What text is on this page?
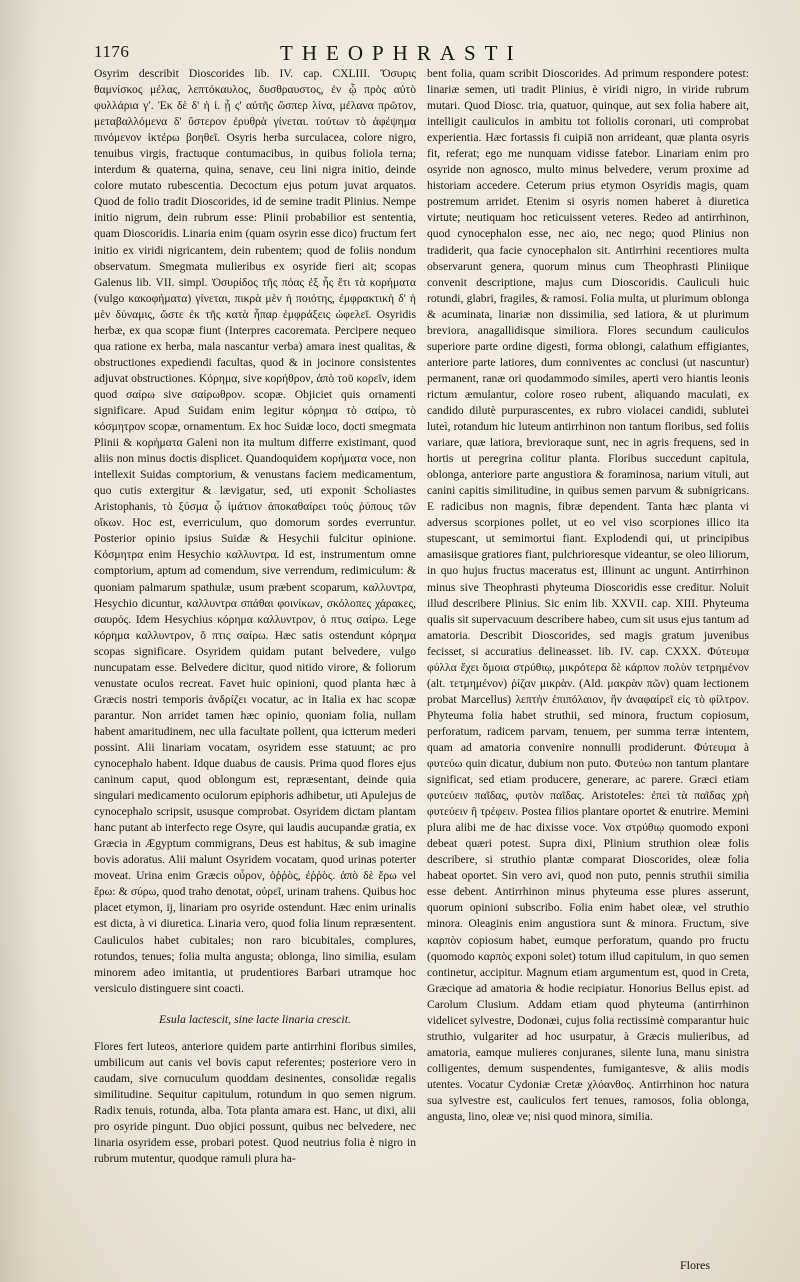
1176	THEOPHRASTI

Osyrim describit Dioscorides lib. IV. cap. CXLIII. Ὄσυρις θαμνίσκος μέλας, λεπτόκαυλος, δυσθραυστος, ἐν ᾧ πρὸς αὐτὸ φυλλάρια γʹ. Ἐκ δὲ δ' ἡ ἰ. ᾗ ς' αὐτῆς ὥσπερ λίνα, μέλανα πρῶτον, μεταβαλλόμενα δ' ὕστερον ἐρυθρὰ γίνεται. τούτων τὸ ἀφέψημα πινόμενον ἰκτέρω βοηθεῖ. Osyris herba surculacea, colore nigro, tenuibus virgis, fractuque contumacibus, in quibus foliola terna; interdum & quaterna, quina, senave, ceu lini nigra initio, deinde colore mutato rubescentia. Decoctum ejus potum juvat arquatos. Quod de folio tradit Dioscorides, id de semine tradit Plinius. Nempe initio nigrum, dein rubrum esse: Plinii probabilior est sententia, quam Dioscoridis. Linaria enim (quam osyrin esse dico) fructum fert initio ex viridi nigricantem, dein rubentem; quod de foliis nondum observatum. Smegmata mulieribus ex osyride fieri ait; scopas Galenus lib. VII. simpl. Ὀσυρίδος τῆς πόας ἐξ ἧς ἔτι τὰ κορήματα (vulgo κακοφήματα) γίνεται, πικρὰ μὲν ἡ ποιότης, ἐμφρακτικὴ δ' ἡ μὲν δύναμις, ὥστε ἐκ τῆς κατὰ ἧπαρ ἐμφράξεις ὠφελεῖ. Osyridis herbæ, ex qua scopæ fiunt (Interpres cacoremata. Percipere nequeo qua ratione ex herba, mala nascantur verba) amara inest qualitas, & obstructiones expediendi facultas, quod & in jocinore consistentes adjuvat obstructiones. Κόρημα, sive κορήθρον, ἀπὸ τοῦ κορεῖν, idem quod σαίρω sive σαίρωθρον. scopæ. Objiciet quis ornamenti significare. Apud Suidam enim legitur κόρημα τὸ σαίρω, τὸ κόσμητρον scopæ, ornamentum. Ex hoc Suidæ loco, docti smegmata Plinii & κορήματα Galeni non ita multum differre existimant, quod aliis non minus doctis displicet. Quandoquidem κορήματα voce, non intellexit Suidas comptorium, & venustans faciem medicamentum, quo cutis extergitur & lævigatur, sed, uti exponit Scholiastes Aristophanis, τὸ ξύσμα ᾧ ἱμάτιον ἀποκαθαίρει τοὺς ῥύπους τῶν οἴκων. Hoc est, everriculum, quo domorum sordes everruntur. Posterior opinio ipsius Suidæ & Hesychii fulcitur opinione. Κόσμητρα enim Hesychio καλλυντρα. Id est, instrumentum omne comptorium, aptum ad comendum, sive verrendum, redimiculum: & quoniam palmarum spathulæ, usum præbent scoparum, καλλυντρα, Hesychio dicuntur, καλλυντρα σπάθαι φοινίκων, σκόλοπες χάρακες, σαυρός. Idem Hesychius κόρημα καλλυντρον, ὁ πτυς σαίρω. Lege κόρημα καλλυντρον, ὅ πτις σαίρω. Hæc satis ostendunt κόρημα scopas significare. Osyridem quidam putant belvedere, vulgo nuncupatam esse. Belvedere dicitur, quod nitido virore, & foliorum venustate oculos recreat. Favet huic opinioni, quod planta hæc à Græcis nostri temporis ἀνδρίζει vocatur, ac in Italia ex hac scopæ parantur. Non arridet tamen hæc opinio, quoniam folia, nullam habent amaritudinem, nec ulla facultate pollent, qua ictterum mederi possint. Alii linariam vocatam, osyridem esse statuunt; ac pro cynocephalo habent. Idque duabus de causis. Prima quod flores ejus caninum caput, quod oblongum est, repræsentant, deinde quia singulari medicamento oculorum epiphoris adhibetur, uti Apulejus de cynocephalo scripsit, ususque comprobat. Osyridem dictam plantam hanc putant ab interfecto rege Osyre, qui laudis aucupandæ gratia, ex Græcia in Ægyptum commigrans, Deus est habitus, & sub imagine bovis adoratus. Alii malunt Osyridem vocatam, quod urinas poterter moveat. Urina enim Græcis οὖρον, ὀῤῥὸς, ἐῤῥὸς. ἀπὸ δὲ ἔρω vel ἔρω: & σύρω, quod traho denotat, οὐρεῖ, urinam trahens. Quibus hoc placet etymon, ij, linariam pro osyride ostendunt. Hæc enim urinalis est dicta, à vi diuretica. Linaria vero, quod folia linum repræsentent. Cauliculos habet cubitales; non raro bicubitales, complures, rotundos, tenues; folia multa angusta; oblonga, lino similia, esulam minorem adeo imitantia, ut prudentiores Barbari utramque hoc versiculo distinguere sint coacti.

Esula lactescit, sine lacte linaria crescit.

Flores fert luteos, anteriore quidem parte antirrhini floribus similes, umbilicum aut canis vel bovis caput referentes; posteriore vero in caudam, sive cornuculum quoddam desinentes, consolidæ regalis similitudine. Sequitur capitulum, rotundum in quo semen nigrum. Radix tenuis, rotunda, alba. Tota planta amara est. Hanc, ut dixi, alii pro osyride pingunt. Duo objici possunt, quibus nec belvedere, nec linaria osyridem esse, probari potest. Quod neutrius folia è nigro in rubrum mutentur, quodque ramuli plura ha-

bent folia, quam scribit Dioscorides. Ad primum respondere potest: linariæ semen, uti tradit Plinius, è viridi nigro, in viride rubrum mutari. Quod Diosc. tria, quatuor, quinque, aut sex folia habere ait, intelligit cauliculos in ambitu tot foliolis coronari, uti comprobat experientia. Hæc fortassis fi cuipiā non arrideant, quæ planta osyris fit, referat; ego me nunquam vidisse fatebor. Linariam enim pro osyride non agnosco, multo minus belvedere, verum proxime ad historiam accedere. Ceterum prius etymon Osyridis magis, quam postremum arridet. Etenim si osyris nomen haberet à diuretica virtute; neutiquam hoc reticuissent veteres. Redeo ad antirrhinon, quod cynocephalon esse, nec aio, nec nego; quod Plinius non tradiderit, qua facie cynocephalon sit. Antirrhini recentiores multa observarunt genera, quorum minus cum Theophrasti Pliniique convenit descriptione, majus cum Dioscoridis. Cauliculi huic rotundi, glabri, fragiles, & ramosi. Folia multa, ut plurimum oblonga & acuminata, linariæ non dissimilia, sed latiora, & ut plurimum breviora, anagallidisque similiora. Flores secundum cauliculos superiore parte ordine digesti, forma oblongi, calathum effigiantes, anteriore parte latiores, dum conniventes ac conclusi (ut nascuntur) permanent, ranæ ori quodammodo similes, aperti vero hiantis leonis rictum æmulantur, colore roseo rubent, aliquando maculati, ex candido dilutè purpurascentes, ex rubro violacei candidi, subluteì luteì, rotandum hic luteum antirrhinon non tantum floribus, sed foliis variare, quæ latiora, brevioraque sunt, nec in agris frequens, sed in hortis ut peregrina colitur planta. Floribus succedunt capitula, oblonga, anteriore parte angustiora & foraminosa, narium vituli, aut canini capitis similitudine, in quibus semen parvum & subnigricans. E radicibus non magnis, fibræ dependent. Tanta hæc planta vi adversus scorpiones pollet, ut eo vel viso scorpiones illico ita stupescant, ut semimortui fiant. Explodendi qui, ut principibus amasiisque gratiores fiant, pulchrioresque videantur, se oleo liliorum, in quo hujus fructus maceratus est, illinunt ac ungunt. Antirrhinon minus sive Theophrasti phyteuma Dioscoridis esse creditur. Noluit illud describere Plinius. Sic enim lib. XXVII. cap. XIII. Phyteuma qualis sit supervacuum describere habeo, cum sit usus ejus tantum ad amatoria. Describit Dioscorides, sed magis gratum juvenibus fecisset, si accuratius delineasset. lib. IV. cap. CXXX. Φύτευμα φύλλα ἔχει ὅμοια στρύθιῳ, μικρότερα δὲ κάρπον πολὺν τετρημένον (alt. τετμημένον) ῥίζαν μικρὰν. (Ald. μακρὰν πῶν) quam lectionem probat Marcellus) λεπτὴν ἐπιπόλαιον, ἣν ἀναφαίρεῖ εἰς τὸ φίλτρον. Phyteuma folia habet struthii, sed minora, fructum copiosum, perforatum, radicem parvam, tenuem, per summa terræ intentem, quam ad amatoria convenire nonnulli prodiderunt. Φύτευμα à φυτεύω quin dicatur, dubium non puto. Φυτεύω non tantum plantare significat, sed etiam producere, generare, ac parere. Græci etiam φυτεύειν παῖδας, φυτὸν παῖδας. Aristoteles: ἐπεὶ τὰ παῖδας χρὴ φυτεύειν ἢ τρέφειν. Postea filios plantare oportet & enutrire. Memini plura alibi me de hac dixisse voce. Vox στρύθιῳ quomodo exponi debeat quæri potest. Supra dixi, Plinium struthion oleæ folis describere, si struthio plantæ comparat Dioscorides, oleæ folia habeat oportet. Sin vero avi, quod non puto, pennis struthii similia esse debent. Antirrhinon minus phyteuma esse plures asserunt, quorum opinioni subscribo. Folia enim habet oleæ, vel struthio minora. Oleaginis enim angustiora sunt & minora. Fructum, sive καρπὸν copiosum habet, eumque perforatum, quando pro fructu (quomodo καρπὸς exponi solet) totum illud capitulum, in quo semen continetur, accipitur. Magnum etiam argumentum est, quod in Creta, Græcique ad amatoria & hodie recipiatur. Honorius Bellus epist. ad Carolum Clusium. Addam etiam quod phyteuma (antirrhinon videlicet sylvestre, Dodonæi, cujus folia rectissimè comparantur huic struthio, vulgariter ad hoc usurpatur, à Græcis mulieribus, ad amatoria, eamque mulieres conjuranes, silente luna, manu sinistra colligentes, demum suspendentes, fumigantesve, & aliis modis utentes. Vocatur Cydoniæ Cretæ χλόανθος. Antirrhinon hoc natura sua sylvestre est, cauliculos fert tenues, ramosos, folia oblonga, angusta, lino, oleæ ve; nisi quod minora, similia.

Flores
